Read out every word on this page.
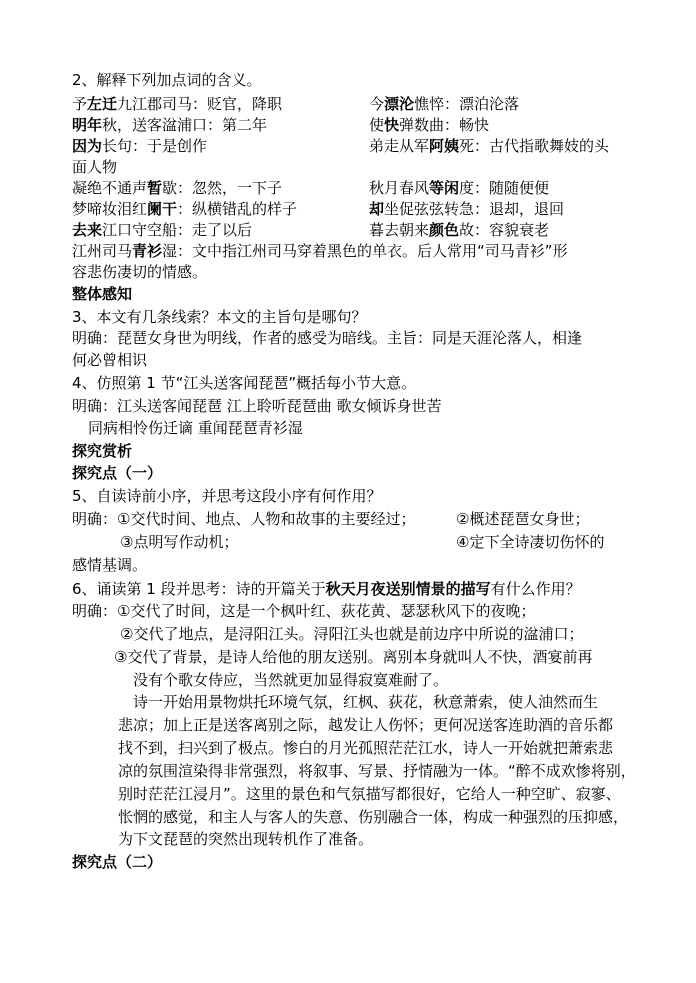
2、解释下列加点词的含义。
予左迁九江郡司马：贬官，降职	今漂沦憔悴：漂泊沦落
明年秋，送客湓浦口：第二年	使快弹数曲：畅快
因为长句：于是创作	弟走从军阿姨死：古代指歌舞妓的头
面人物
凝绝不通声暂歇：忽然，一下子	秋月春风等闲度：随随便便
梦啼妆泪红阑干：纵横错乱的样子	却坐促弦弦转急：退却，退回
去来江口守空船：走了以后	暮去朝来颜色故：容貌衰老
江州司马青衫湿：文中指江州司马穿着黑色的单衣。后人常用“司马青衫”形
容悲伤凄切的情感。
整体感知
3、本文有几条线索？本文的主旨句是哪句？
明确：琵琶女身世为明线，作者的感受为暗线。主旨：同是天涯沦落人，相逢
何必曾相识
4、仿照第 1 节“江头送客闻琵琶”概括每小节大意。
明确：江头送客闻琵琶 江上聆听琵琶曲 歌女倾诉身世苦
同病相怜伤迁谪 重闻琵琶青衫湿
探究赏析
探究点（一）
5、自读诗前小序，并思考这段小序有何作用？
明确：①交代时间、地点、人物和故事的主要经过；	②概述琵琶女身世；
③点明写作动机；	④定下全诗凄切伤怀的
感情基调。
6、诵读第 1 段并思考：诗的开篇关于秋天月夜送别情景的描写有什么作用？
明确：①交代了时间，这是一个枫叶红、荻花黄、瑟瑟秋风下的夜晚；
②交代了地点，是浔阳江头。浔阳江头也就是前边序中所说的湓浦口；
③交代了背景，是诗人给他的朋友送别。离别本身就叫人不快，酒宴前再
没有个歌女侍应，当然就更加显得寂寞难耐了。
诗一开始用景物烘托环境气氛，红枫、荻花，秋意萧索，使人油然而生
悲凉；加上正是送客离别之际，越发让人伤怀；更何况送客连助酒的音乐都
找不到，扫兴到了极点。惨白的月光孤照茫茫江水，诗人一开始就把萧索悲
凉的氛围渲染得非常强烈，将叙事、写景、抒情融为一体。“醉不成欢惨将别，
别时茫茫江浸月”。这里的景色和气氛描写都很好，它给人一种空旷、寂寥、
怅惘的感觉，和主人与客人的失意、伤别融合一体，构成一种强烈的压抑感，
为下文琵琶的突然出现转机作了准备。
探究点（二）
